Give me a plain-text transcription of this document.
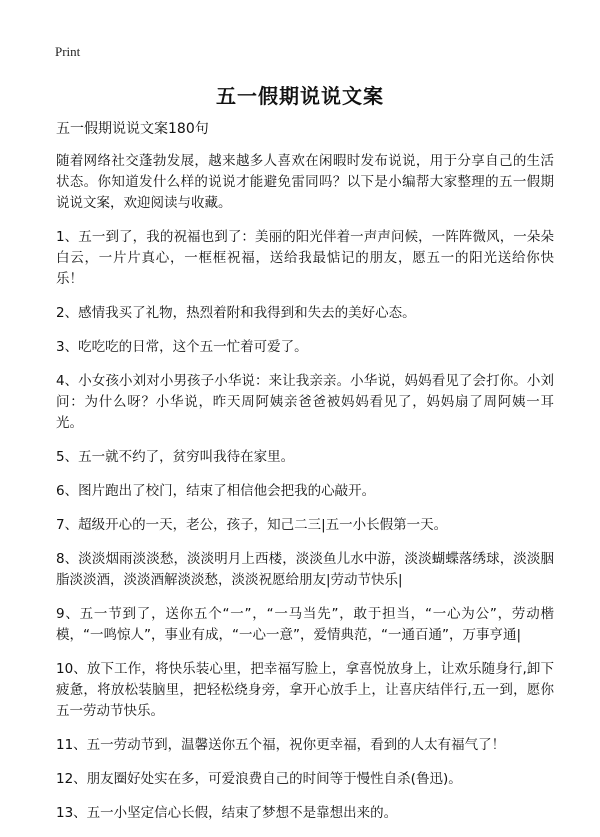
Print
五一假期说说文案
五一假期说说文案180句

随着网络社交蓬勃发展，越来越多人喜欢在闲暇时发布说说，用于分享自己的生活状态。你知道发什么样的说说才能避免雷同吗？以下是小编帮大家整理的五一假期说说文案，欢迎阅读与收藏。

1、五一到了，我的祝福也到了：美丽的阳光伴着一声声问候，一阵阵微风，一朵朵白云，一片片真心，一框框祝福，送给我最惦记的朋友，愿五一的阳光送给你快乐！

2、感情我买了礼物，热烈着附和我得到和失去的美好心态。

3、吃吃吃的日常，这个五一忙着可爱了。

4、小女孩小刘对小男孩子小华说：来让我亲亲。小华说，妈妈看见了会打你。小刘问：为什么呀？小华说，昨天周阿姨亲爸爸被妈妈看见了，妈妈扇了周阿姨一耳光。

5、五一就不约了，贫穷叫我待在家里。

6、图片跑出了校门，结束了相信他会把我的心敲开。

7、超级开心的一天，老公，孩子，知己二三|五一小长假第一天。

8、淡淡烟雨淡淡愁，淡淡明月上西楼，淡淡鱼儿水中游，淡淡蝴蝶落绣球，淡淡胭脂淡淡酒，淡淡酒解淡淡愁，淡淡祝愿给朋友|劳动节快乐|

9、五一节到了，送你五个“一”，“一马当先”，敢于担当，“一心为公”，劳动楷模，“一鸣惊人”，事业有成，“一心一意”，爱情典范，“一通百通”，万事亨通|

10、放下工作，将快乐装心里，把幸福写脸上，拿喜悦放身上，让欢乐随身行,卸下疲惫，将放松装脑里，把轻松绕身旁，拿开心放手上，让喜庆结伴行,五一到，愿你五一劳动节快乐。

11、五一劳动节到，温馨送你五个福，祝你更幸福，看到的人太有福气了！

12、朋友圈好处实在多，可爱浪费自己的时间等于慢性自杀(鲁迅)。

13、五一小坚定信心长假，结束了梦想不是靠想出来的。
